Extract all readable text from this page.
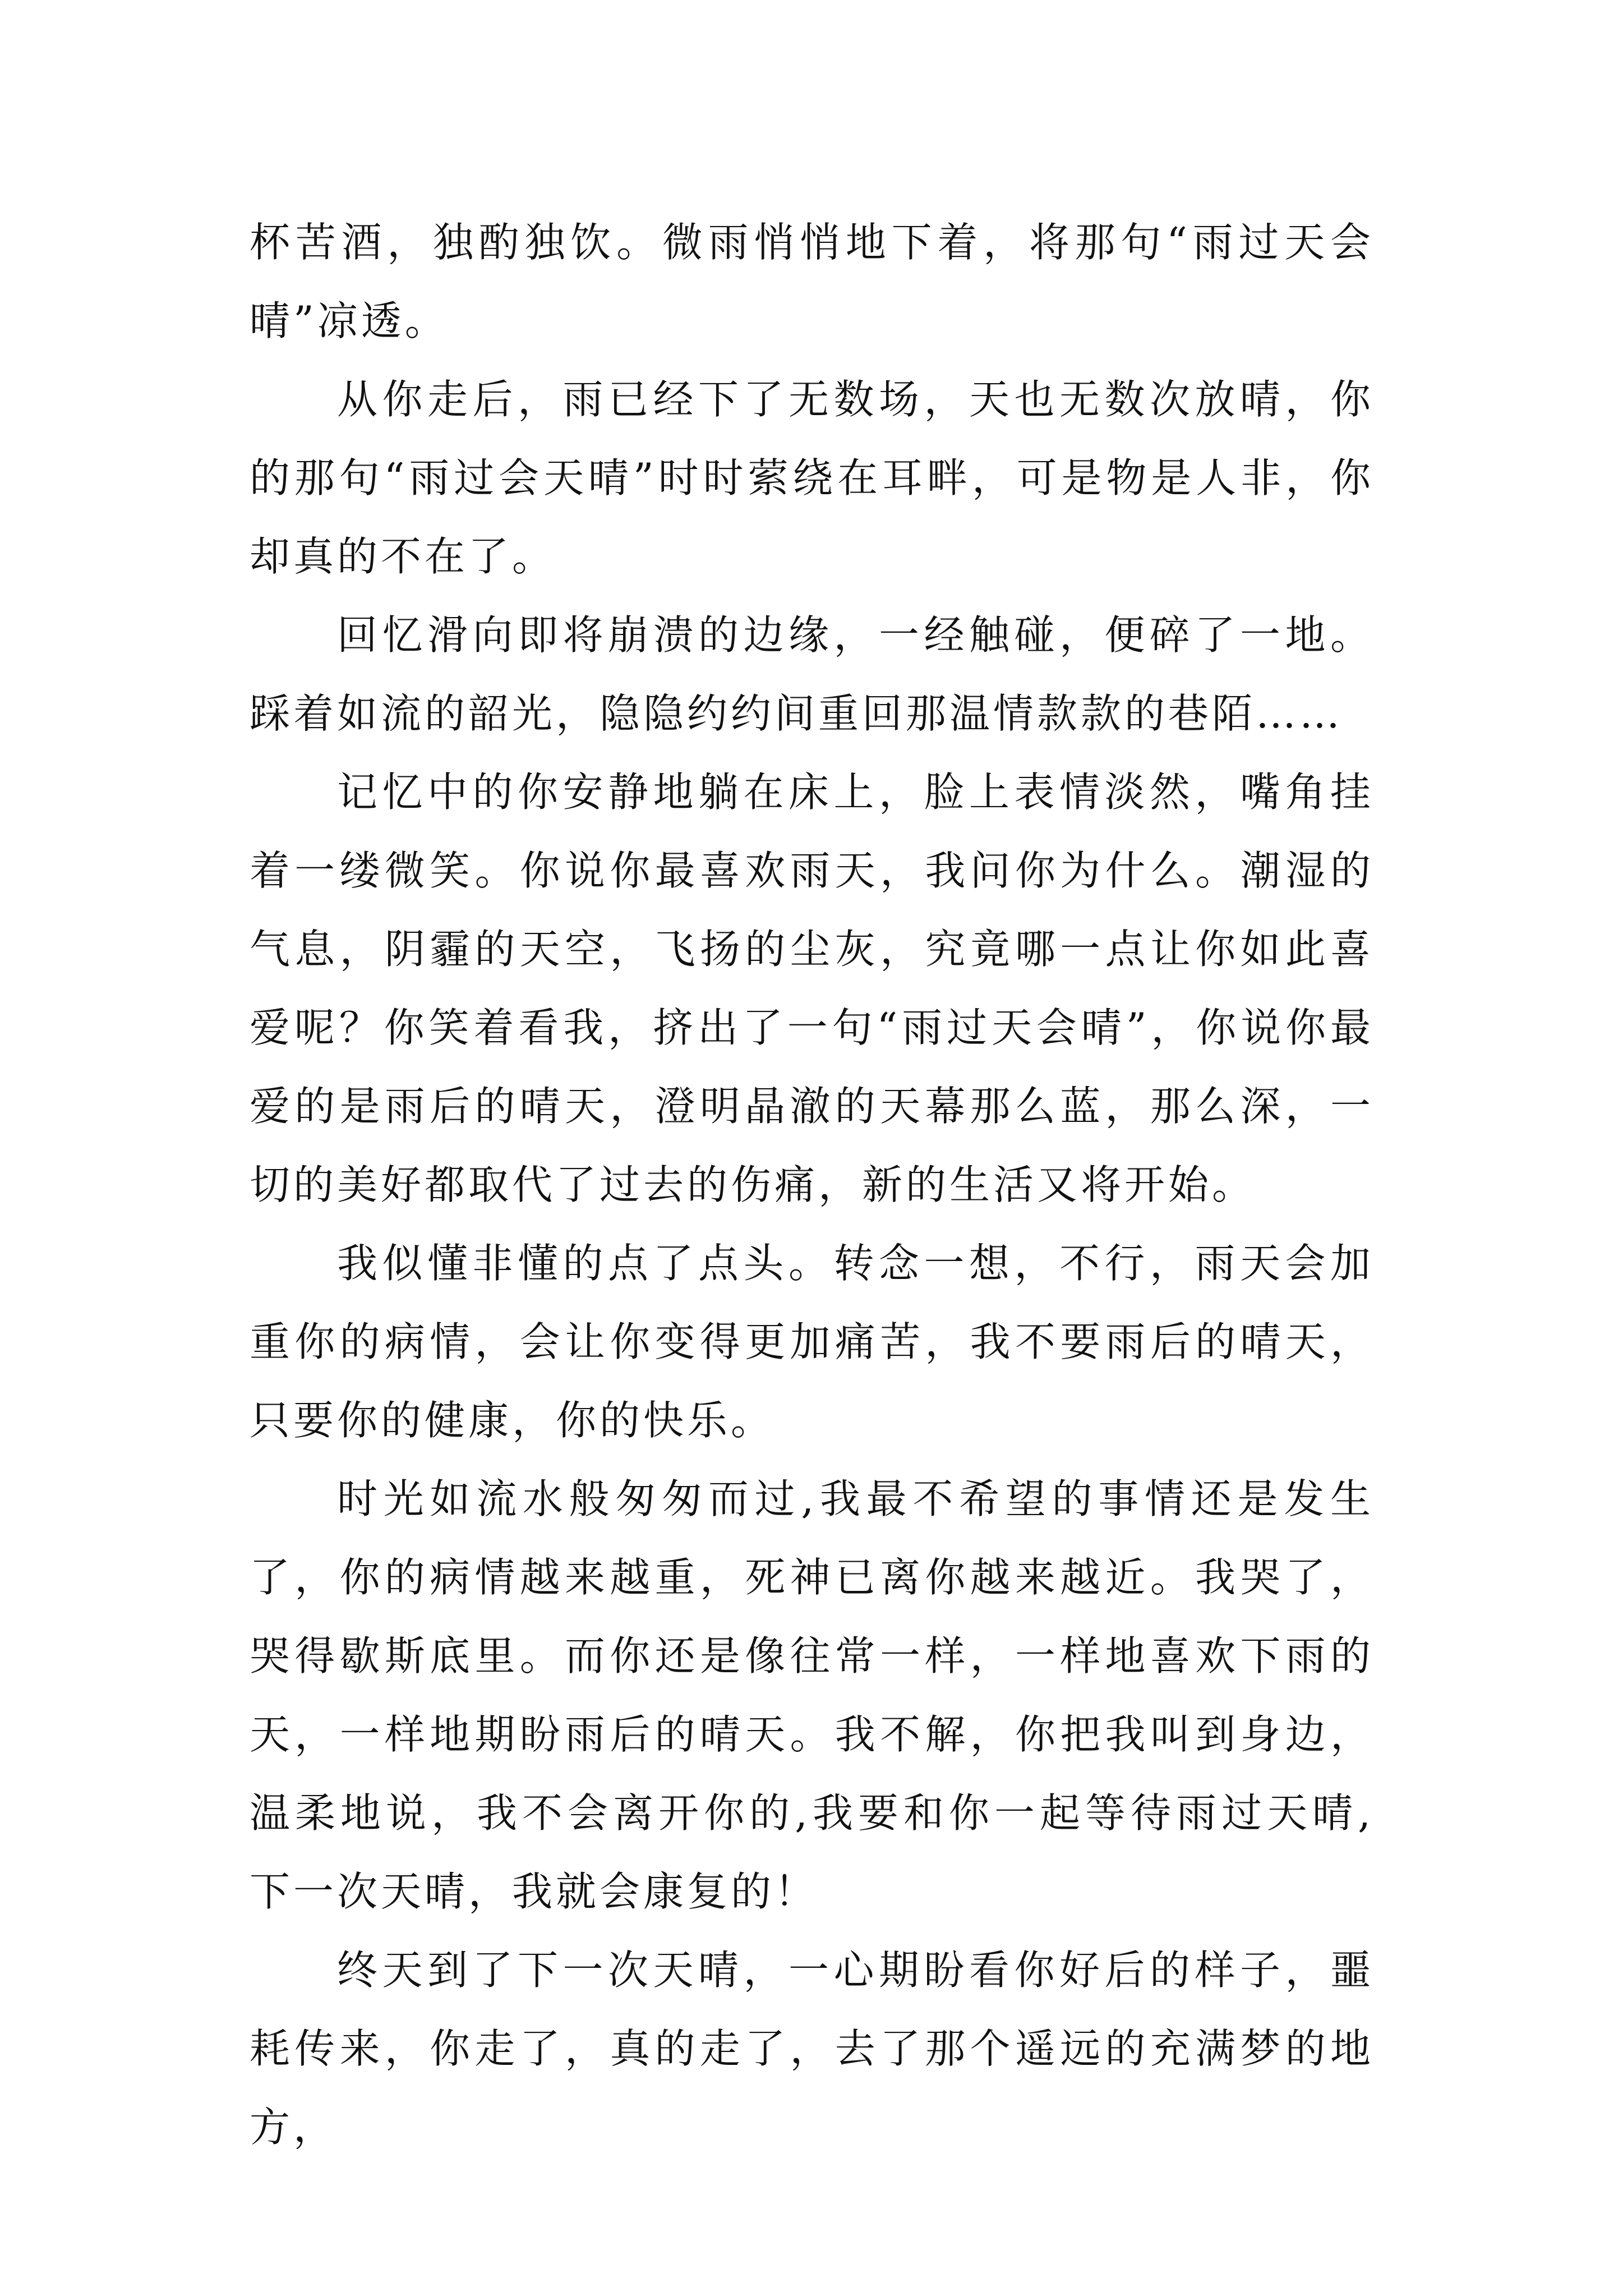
杯苦酒，独酌独饮。微雨悄悄地下着，将那句“雨过天会晴”凉透。

从你走后，雨已经下了无数场，天也无数次放晴，你的那句“雨过会天晴”时时萦绕在耳畔，可是物是人非，你却真的不在了。

回忆滑向即将崩溃的边缘，一经触碰，便碎了一地。踩着如流的韶光，隐隐约约间重回那温情款款的巷陌……

记忆中的你安静地躺在床上，脸上表情淡然，嘴角挂着一缕微笑。你说你最喜欢雨天，我问你为什么。潮湿的气息，阴霾的天空，飞扬的尘灰，究竟哪一点让你如此喜爱呢？你笑着看我，挤出了一句“雨过天会晴”，你说你最爱的是雨后的晴天，澄明晶澈的天幕那么蓝，那么深，一切的美好都取代了过去的伤痛，新的生活又将开始。

我似懂非懂的点了点头。转念一想，不行，雨天会加重你的病情，会让你变得更加痛苦，我不要雨后的晴天，只要你的健康，你的快乐。

时光如流水般匆匆而过,我最不希望的事情还是发生了，你的病情越来越重，死神已离你越来越近。我哭了，哭得歇斯底里。而你还是像往常一样，一样地喜欢下雨的天，一样地期盼雨后的晴天。我不解，你把我叫到身边，温柔地说，我不会离开你的,我要和你一起等待雨过天晴,下一次天晴，我就会康复的！

终天到了下一次天晴，一心期盼看你好后的样子，噩耗传来，你走了，真的走了，去了那个遥远的充满梦的地方，
